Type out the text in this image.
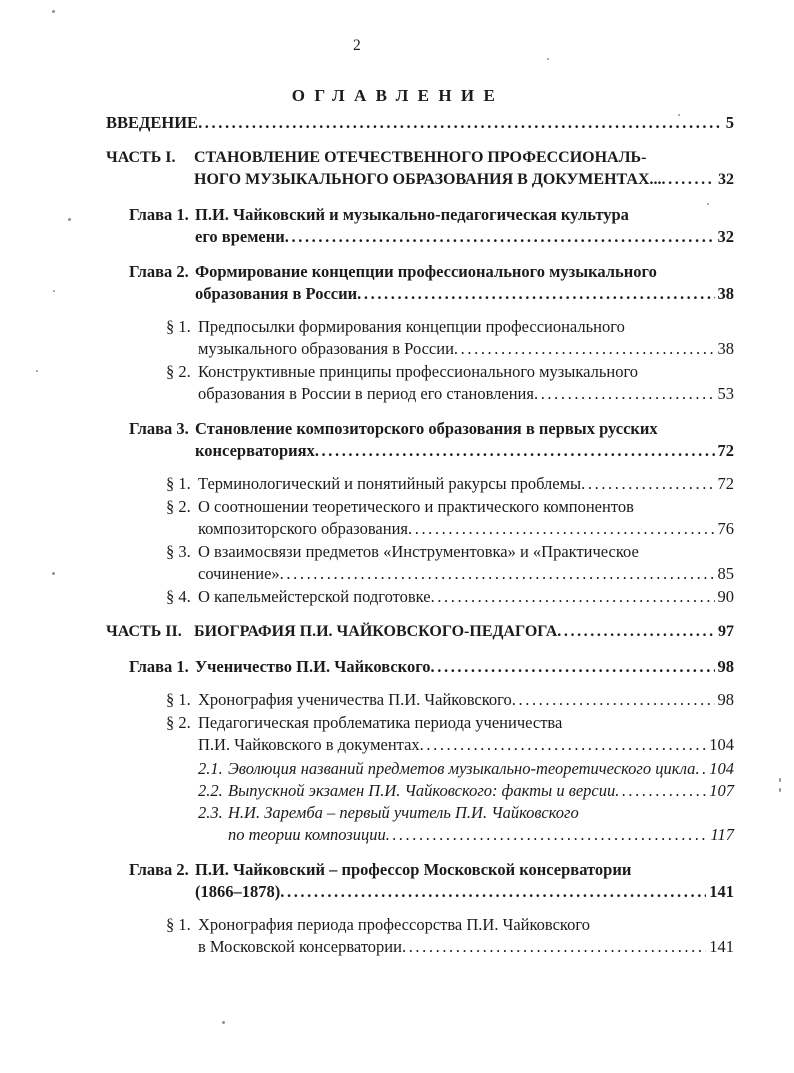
2
ОГЛАВЛЕНИЕ
ВВЕДЕНИЕ .....	5
ЧАСТЬ I.	СТАНОВЛЕНИЕ ОТЕЧЕСТВЕННОГО ПРОФЕССИОНАЛЬ-
НОГО МУЗЫКАЛЬНОГО ОБРАЗОВАНИЯ В ДОКУМЕНТАХ... .....	32
Глава 1. П.И. Чайковский и музыкально-педагогическая культура
его времени .....	32
Глава 2. Формирование концепции профессионального музыкального
образования в России .....	38
§ 1. Предпосылки формирования концепции профессионального
музыкального образования в России .....	38
§ 2. Конструктивные принципы профессионального музыкального
образования в России в период его становления .....	53
Глава 3. Становление композиторского образования в первых русских
консерваториях .....	72
§ 1. Терминологический и понятийный ракурсы проблемы .....	72
§ 2. О соотношении теоретического и практического компонентов
композиторского образования .....	76
§ 3. О взаимосвязи предметов «Инструментовка» и «Практическое
сочинение» .....	85
§ 4. О капельмейстерской подготовке .....	90
ЧАСТЬ II. БИОГРАФИЯ П.И. ЧАЙКОВСКОГО-ПЕДАГОГА .....	97
Глава 1. Ученичество П.И. Чайковского .....	98
§ 1. Хронография ученичества П.И. Чайковского .....	98
§ 2. Педагогическая проблематика периода ученичества
П.И. Чайковского в документах .....	104
2.1. Эволюция названий предметов музыкально-теоретического цикла ..... 104
2.2. Выпускной экзамен П.И. Чайковского: факты и версии .....	107
2.3. Н.И. Заремба – первый учитель П.И. Чайковского
по теории композиции .....	117
Глава 2. П.И. Чайковский – профессор Московской консерватории
(1866–1878) .....	141
§ 1. Хронография периода профессорства П.И. Чайковского
в Московской консерватории .....	141
